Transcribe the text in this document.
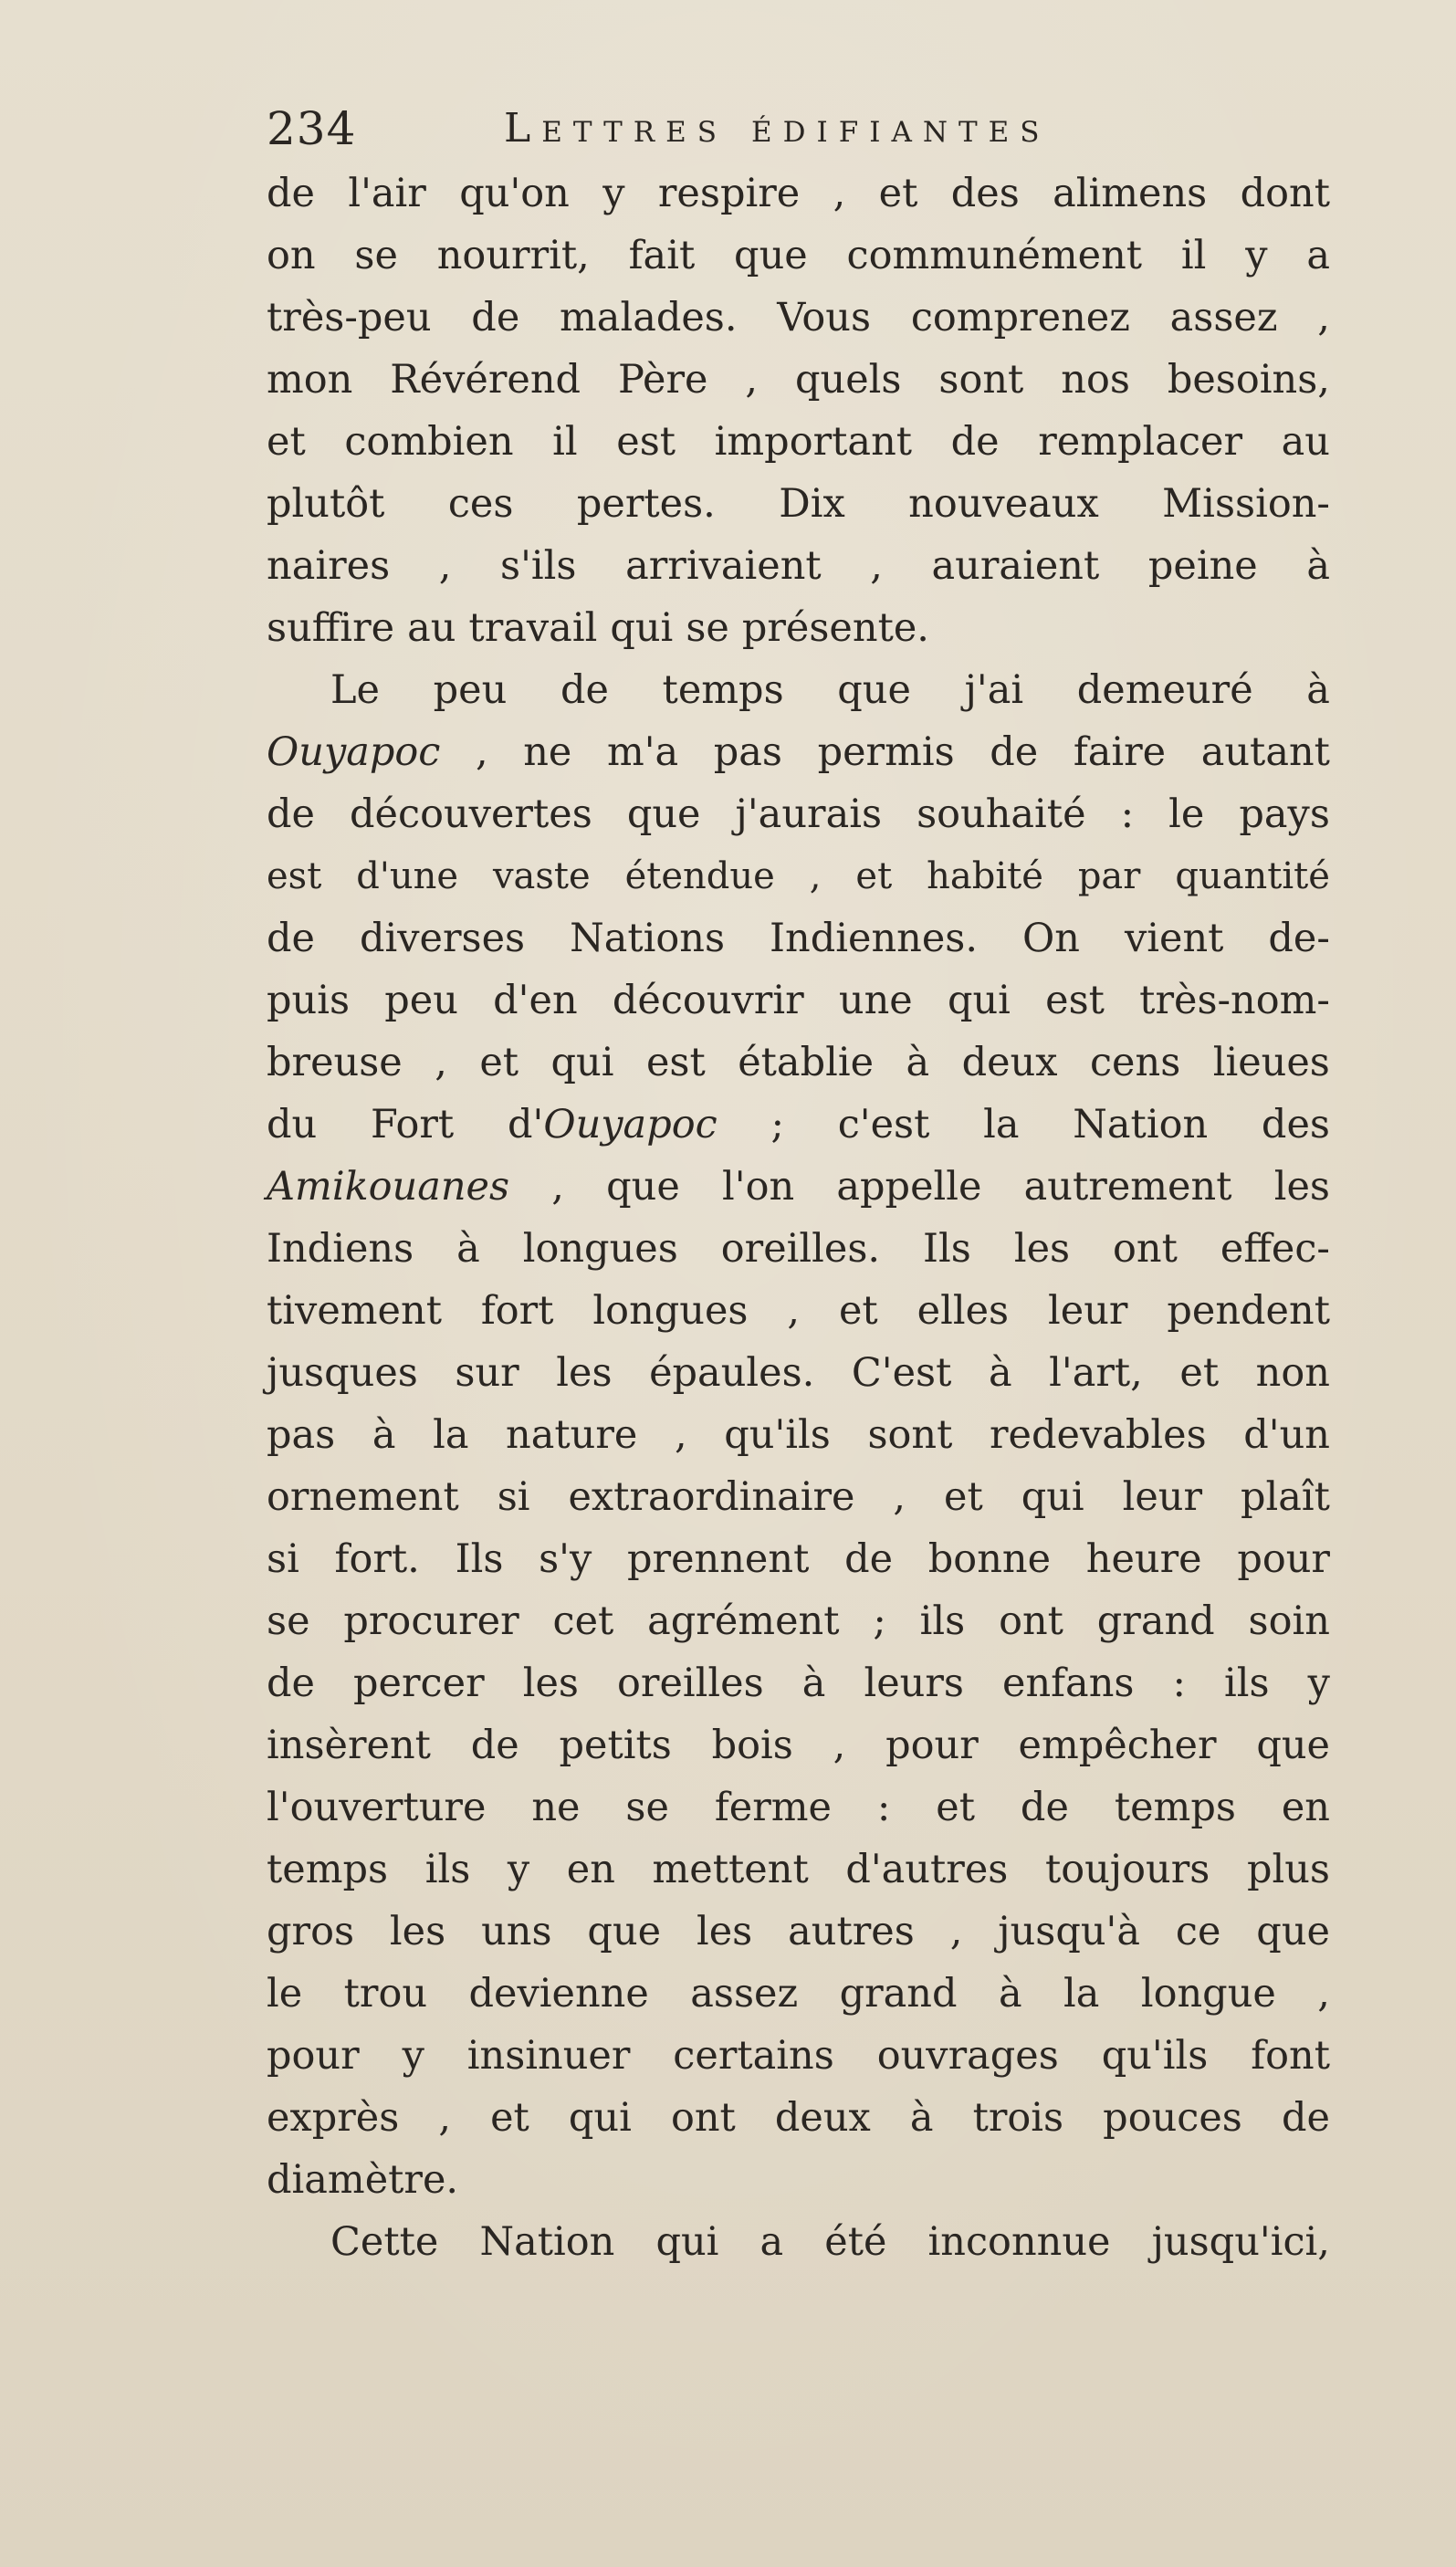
234	Lettres édifiantes
de l'air qu'on y respire , et des alimens dont
on se nourrit, fait que communément il y a
très-peu de malades. Vous comprenez assez ,
mon Révérend Père , quels sont nos besoins,
et combien il est important de remplacer au
plutôt ces pertes. Dix nouveaux Mission-
naires , s'ils arrivaient , auraient peine à
suffire au travail qui se présente.
Le peu de temps que j'ai demeuré à
Ouyapoc , ne m'a pas permis de faire autant
de découvertes que j'aurais souhaité : le pays
est d'une vaste étendue , et habité par quantité
de diverses Nations Indiennes. On vient de-
puis peu d'en découvrir une qui est très-nom-
breuse , et qui est établie à deux cens lieues
du Fort d'Ouyapoc ; c'est la Nation des
Amikouanes , que l'on appelle autrement les
Indiens à longues oreilles. Ils les ont effec-
tivement fort longues , et elles leur pendent
jusques sur les épaules. C'est à l'art, et non
pas à la nature , qu'ils sont redevables d'un
ornement si extraordinaire , et qui leur plaît
si fort. Ils s'y prennent de bonne heure pour
se procurer cet agrément ; ils ont grand soin
de percer les oreilles à leurs enfans : ils y
insèrent de petits bois , pour empêcher que
l'ouverture ne se ferme : et de temps en
temps ils y en mettent d'autres toujours plus
gros les uns que les autres , jusqu'à ce que
le trou devienne assez grand à la longue ,
pour y insinuer certains ouvrages qu'ils font
exprès , et qui ont deux à trois pouces de
diamètre.
Cette Nation qui a été inconnue jusqu'ici,
